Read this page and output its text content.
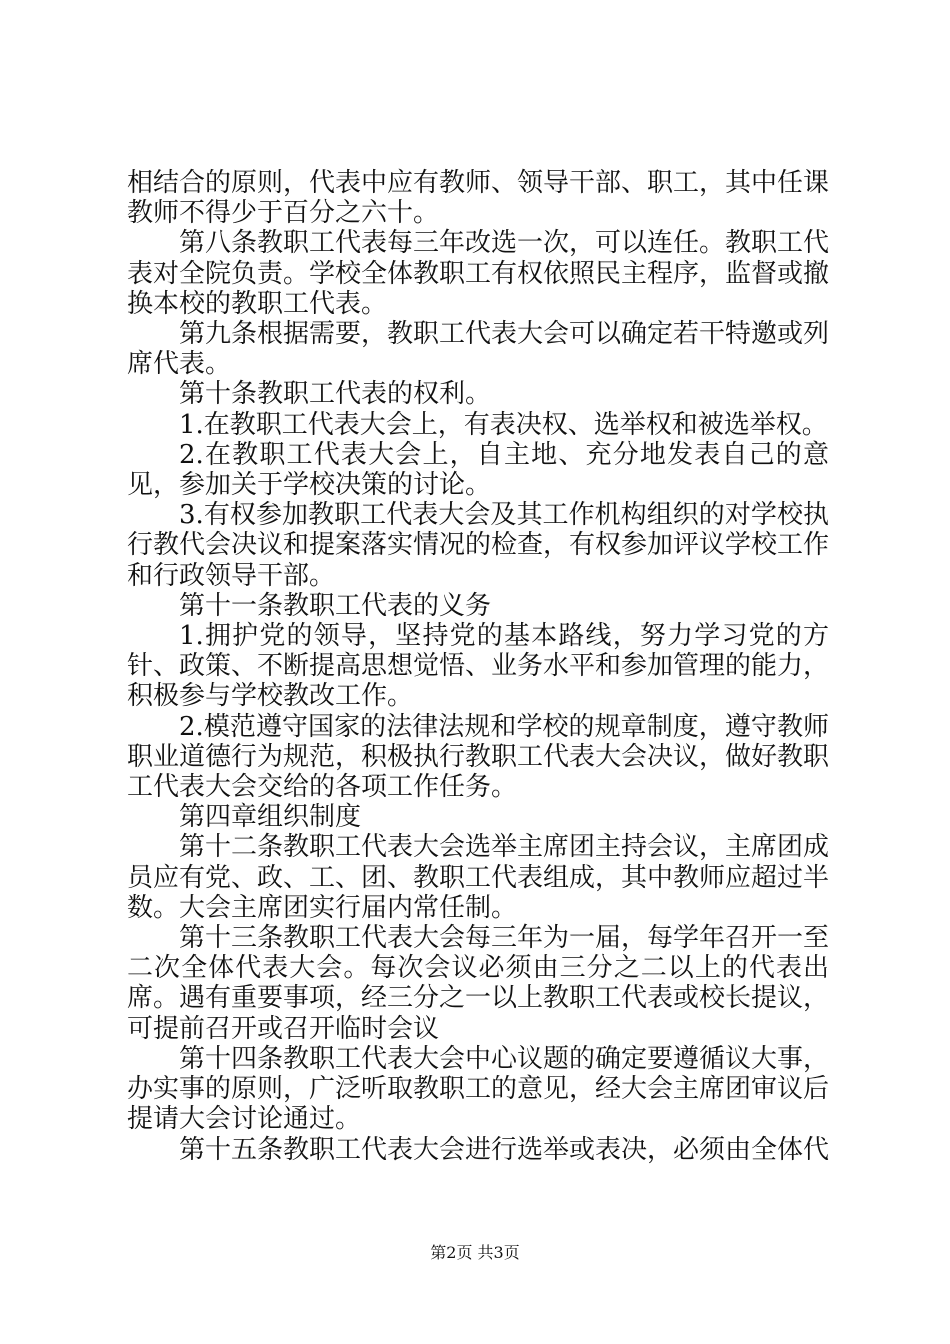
相结合的原则，代表中应有教师、领导干部、职工，其中任课教师不得少于百分之六十。

第八条教职工代表每三年改选一次，可以连任。教职工代表对全院负责。学校全体教职工有权依照民主程序，监督或撤换本校的教职工代表。

第九条根据需要，教职工代表大会可以确定若干特邀或列席代表。

第十条教职工代表的权利。

1.在教职工代表大会上，有表决权、选举权和被选举权。

2.在教职工代表大会上，自主地、充分地发表自己的意见，参加关于学校决策的讨论。

3.有权参加教职工代表大会及其工作机构组织的对学校执行教代会决议和提案落实情况的检查，有权参加评议学校工作和行政领导干部。

第十一条教职工代表的义务

1.拥护党的领导，坚持党的基本路线，努力学习党的方针、政策、不断提高思想觉悟、业务水平和参加管理的能力，积极参与学校教改工作。

2.模范遵守国家的法律法规和学校的规章制度，遵守教师职业道德行为规范，积极执行教职工代表大会决议，做好教职工代表大会交给的各项工作任务。

第四章组织制度

第十二条教职工代表大会选举主席团主持会议，主席团成员应有党、政、工、团、教职工代表组成，其中教师应超过半数。大会主席团实行届内常任制。

第十三条教职工代表大会每三年为一届，每学年召开一至二次全体代表大会。每次会议必须由三分之二以上的代表出席。遇有重要事项，经三分之一以上教职工代表或校长提议，可提前召开或召开临时会议

第十四条教职工代表大会中心议题的确定要遵循议大事，办实事的原则，广泛听取教职工的意见，经大会主席团审议后提请大会讨论通过。

第十五条教职工代表大会进行选举或表决，必须由全体代

第2页 共3页
